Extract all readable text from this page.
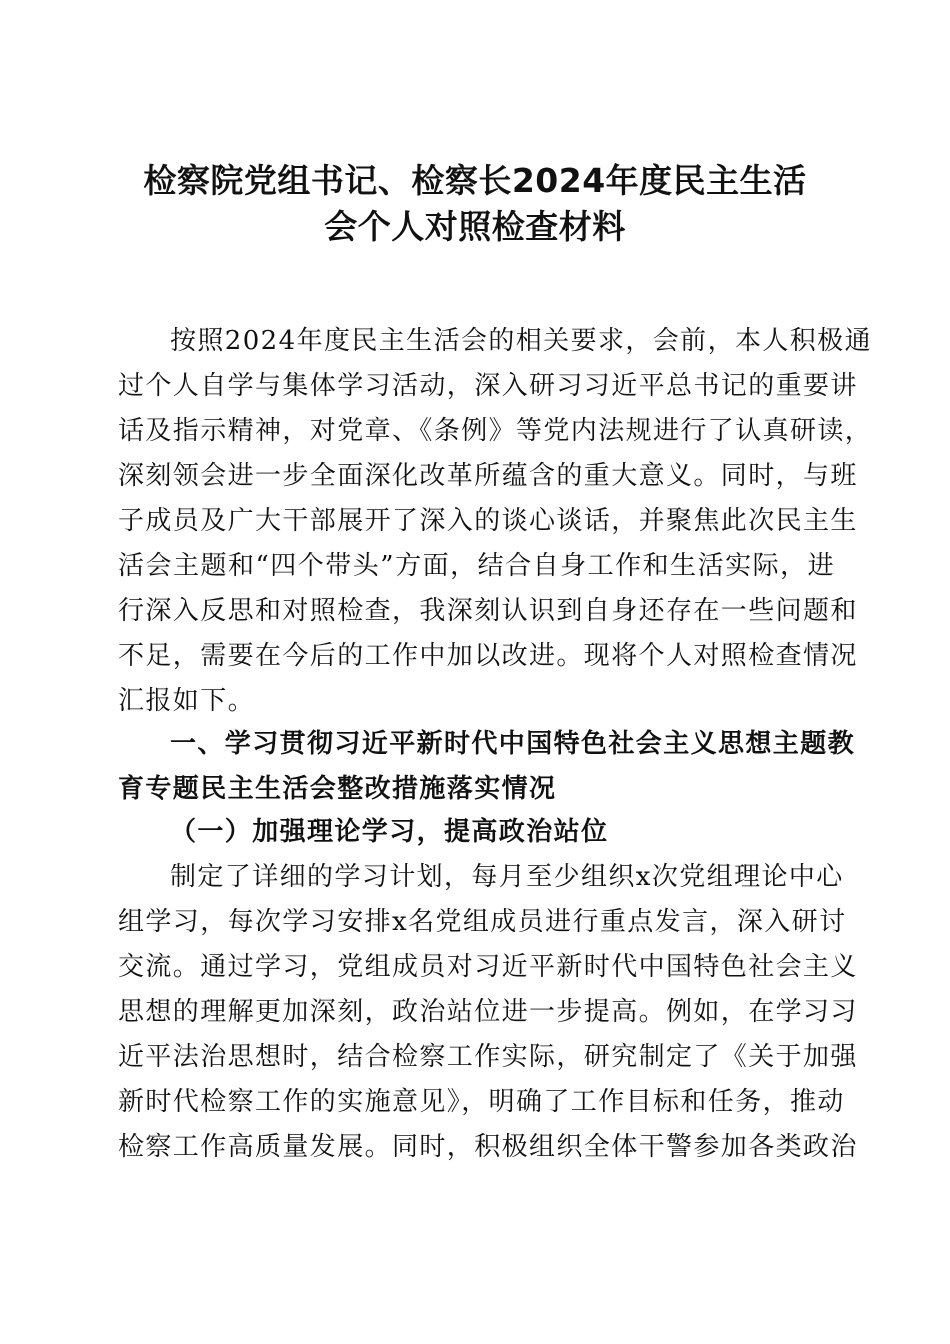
检察院党组书记、检察长2024年度民主生活
会个人对照检查材料
按照2024年度民主生活会的相关要求，会前，本人积极通
过个人自学与集体学习活动，深入研习习近平总书记的重要讲
话及指示精神，对党章、《条例》等党内法规进行了认真研读，
深刻领会进一步全面深化改革所蕴含的重大意义。同时，与班
子成员及广大干部展开了深入的谈心谈话，并聚焦此次民主生
活会主题和“四个带头”方面，结合自身工作和生活实际，进
行深入反思和对照检查，我深刻认识到自身还存在一些问题和
不足，需要在今后的工作中加以改进。现将个人对照检查情况
汇报如下。
一、学习贯彻习近平新时代中国特色社会主义思想主题教
育专题民主生活会整改措施落实情况
（一）加强理论学习，提高政治站位
制定了详细的学习计划，每月至少组织x次党组理论中心
组学习，每次学习安排x名党组成员进行重点发言，深入研讨
交流。通过学习，党组成员对习近平新时代中国特色社会主义
思想的理解更加深刻，政治站位进一步提高。例如，在学习习
近平法治思想时，结合检察工作实际，研究制定了《关于加强
新时代检察工作的实施意见》，明确了工作目标和任务，推动
检察工作高质量发展。同时，积极组织全体干警参加各类政治
